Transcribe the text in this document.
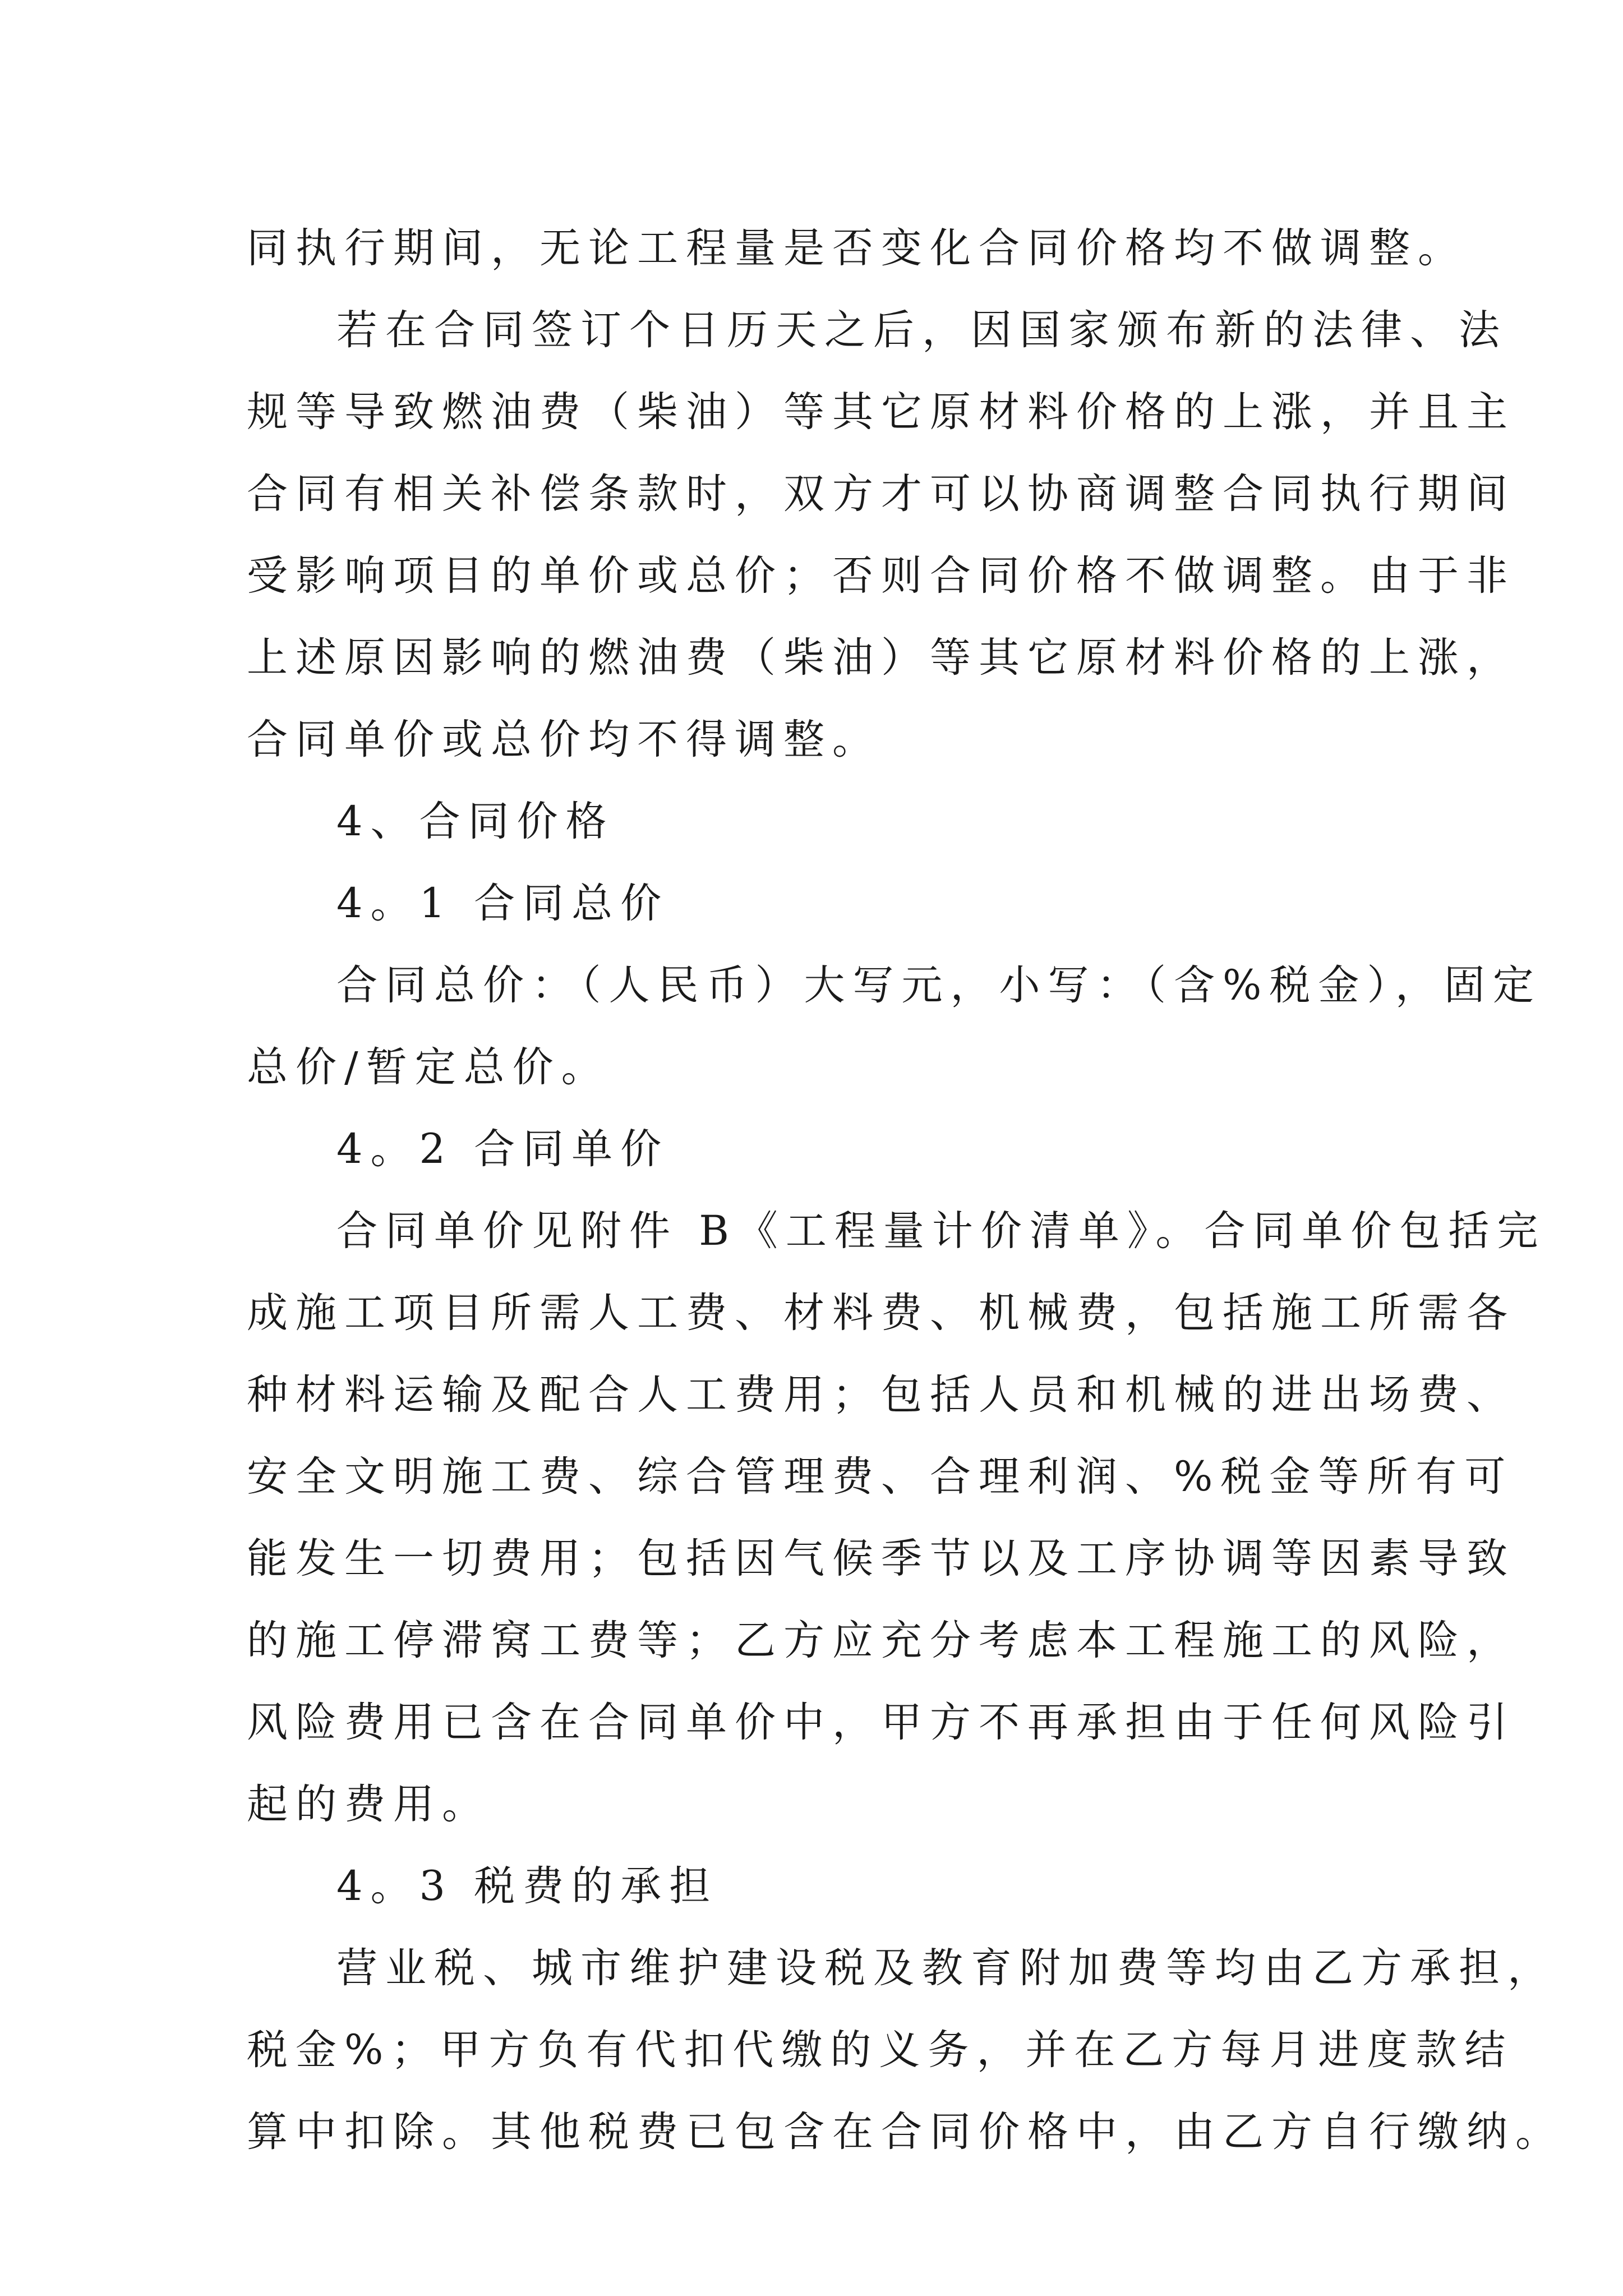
同执行期间，无论工程量是否变化合同价格均不做调整。
若在合同签订个日历天之后，因国家颁布新的法律、法
规等导致燃油费（柴油）等其它原材料价格的上涨，并且主
合同有相关补偿条款时，双方才可以协商调整合同执行期间
受影响项目的单价或总价；否则合同价格不做调整。由于非
上述原因影响的燃油费（柴油）等其它原材料价格的上涨，
合同单价或总价均不得调整。
4、合同价格
4。1 合同总价
合同总价：（人民币）大写元，小写：（含%税金），固定
总价/暂定总价。
4。2 合同单价
合同单价见附件 B《工程量计价清单》。合同单价包括完
成施工项目所需人工费、材料费、机械费，包括施工所需各
种材料运输及配合人工费用；包括人员和机械的进出场费、
安全文明施工费、综合管理费、合理利润、%税金等所有可
能发生一切费用；包括因气候季节以及工序协调等因素导致
的施工停滞窝工费等；乙方应充分考虑本工程施工的风险，
风险费用已含在合同单价中，甲方不再承担由于任何风险引
起的费用。
4。3 税费的承担
营业税、城市维护建设税及教育附加费等均由乙方承担，
税金%；甲方负有代扣代缴的义务，并在乙方每月进度款结
算中扣除。其他税费已包含在合同价格中，由乙方自行缴纳。
